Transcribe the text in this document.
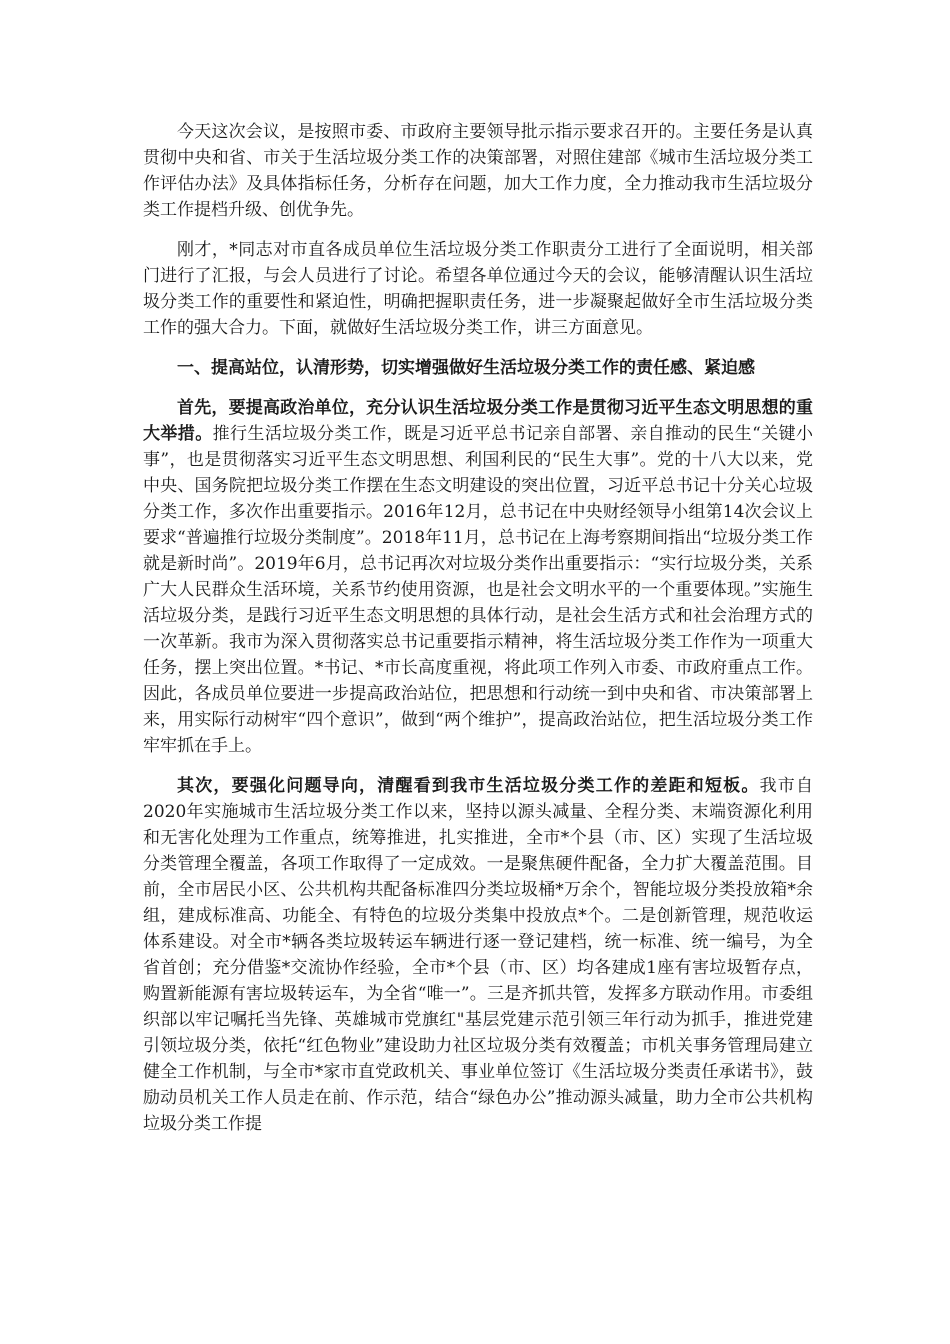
今天这次会议，是按照市委、市政府主要领导批示指示要求召开的。主要任务是认真贯彻中央和省、市关于生活垃圾分类工作的决策部署，对照住建部《城市生活垃圾分类工作评估办法》及具体指标任务，分析存在问题，加大工作力度，全力推动我市生活垃圾分类工作提档升级、创优争先。

刚才，*同志对市直各成员单位生活垃圾分类工作职责分工进行了全面说明，相关部门进行了汇报，与会人员进行了讨论。希望各单位通过今天的会议，能够清醒认识生活垃圾分类工作的重要性和紧迫性，明确把握职责任务，进一步凝聚起做好全市生活垃圾分类工作的强大合力。下面，就做好生活垃圾分类工作，讲三方面意见。

一、提高站位，认清形势，切实增强做好生活垃圾分类工作的责任感、紧迫感

首先，要提高政治单位，充分认识生活垃圾分类工作是贯彻习近平生态文明思想的重大举措。推行生活垃圾分类工作，既是习近平总书记亲自部署、亲自推动的民生“关键小事”，也是贯彻落实习近平生态文明思想、利国利民的“民生大事”。党的十八大以来，党中央、国务院把垃圾分类工作摆在生态文明建设的突出位置，习近平总书记十分关心垃圾分类工作，多次作出重要指示。2016年12月，总书记在中央财经领导小组第14次会议上要求“普遍推行垃圾分类制度”。2018年11月，总书记在上海考察期间指出“垃圾分类工作就是新时尚”。2019年6月，总书记再次对垃圾分类作出重要指示：“实行垃圾分类，关系广大人民群众生活环境，关系节约使用资源，也是社会文明水平的一个重要体现。”实施生活垃圾分类，是践行习近平生态文明思想的具体行动，是社会生活方式和社会治理方式的一次革新。我市为深入贯彻落实总书记重要指示精神，将生活垃圾分类工作作为一项重大任务，摆上突出位置。*书记、*市长高度重视，将此项工作列入市委、市政府重点工作。因此，各成员单位要进一步提高政治站位，把思想和行动统一到中央和省、市决策部署上来，用实际行动树牢“四个意识”，做到“两个维护”，提高政治站位，把生活垃圾分类工作牢牢抓在手上。

其次，要强化问题导向，清醒看到我市生活垃圾分类工作的差距和短板。我市自2020年实施城市生活垃圾分类工作以来，坚持以源头减量、全程分类、末端资源化利用和无害化处理为工作重点，统筹推进，扎实推进，全市*个县（市、区）实现了生活垃圾分类管理全覆盖，各项工作取得了一定成效。一是聚焦硬件配备，全力扩大覆盖范围。目前，全市居民小区、公共机构共配备标准四分类垃圾桶*万余个，智能垃圾分类投放箱*余组，建成标准高、功能全、有特色的垃圾分类集中投放点*个。二是创新管理，规范收运体系建设。对全市*辆各类垃圾转运车辆进行逐一登记建档，统一标准、统一编号，为全省首创；充分借鉴*交流协作经验，全市*个县（市、区）均各建成1座有害垃圾暂存点，购置新能源有害垃圾转运车，为全省“唯一”。三是齐抓共管，发挥多方联动作用。市委组织部以牢记嘱托当先锋、英雄城市党旗红"基层党建示范引领三年行动为抓手，推进党建引领垃圾分类，依托“红色物业”建设助力社区垃圾分类有效覆盖；市机关事务管理局建立健全工作机制，与全市*家市直党政机关、事业单位签订《生活垃圾分类责任承诺书》，鼓励动员机关工作人员走在前、作示范，结合“绿色办公”推动源头减量，助力全市公共机构垃圾分类工作提
